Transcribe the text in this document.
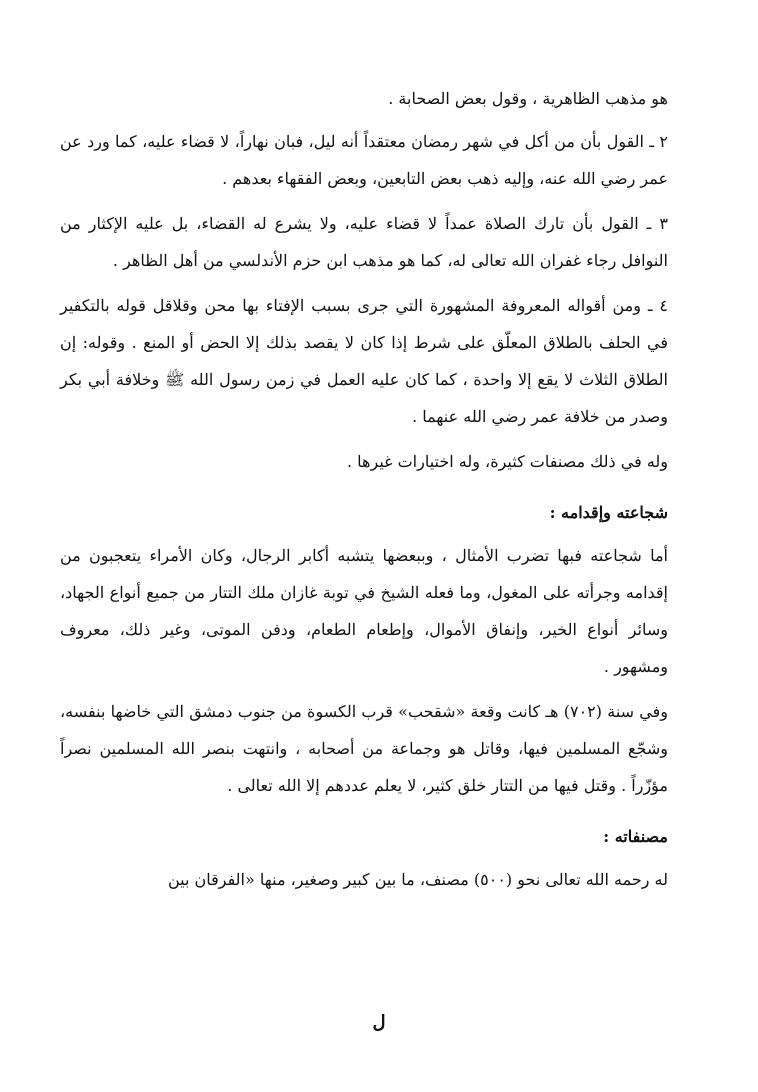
هو مذهب الظاهرية ، وقول بعض الصحابة .

٢ ـ القول بأن من أكل في شهر رمضان معتقداً أنه ليل، فبان نهاراً، لا قضاء عليه، كما ورد عن عمر رضي الله عنه، وإليه ذهب بعض التابعين، وبعض الفقهاء بعدهم .

٣ ـ القول بأن تارك الصلاة عمداً لا قضاء عليه، ولا يشرع له القضاء، بل عليه الإكثار من النوافل رجاء غفران الله تعالى له، كما هو مذهب ابن حزم الأندلسي من أهل الظاهر .

٤ ـ ومن أقواله المعروفة المشهورة التي جرى بسبب الإفتاء بها محن وقلاقل قوله بالتكفير في الحلف بالطلاق المعلّق على شرط إذا كان لا يقصد بذلك إلا الحض أو المنع . وقوله: إن الطلاق الثلاث لا يقع إلا واحدة ، كما كان عليه العمل في زمن رسول الله ﷺ وخلافة أبي بكر وصدر من خلافة عمر رضي الله عنهما .

وله في ذلك مصنفات كثيرة، وله اختيارات غيرها .

شجاعته وإقدامه :

أما شجاعته فبها تضرب الأمثال ، وببعضها يتشبه أكابر الرجال، وكان الأمراء يتعجبون من إقدامه وجرأته على المغول، وما فعله الشيخ في توبة غازان ملك التتار من جميع أنواع الجهاد، وسائر أنواع الخير، وإنفاق الأموال، وإطعام الطعام، ودفن الموتى، وغير ذلك، معروف ومشهور .

وفي سنة (٧٠٢) هـ كانت وقعة «شقحب» قرب الكسوة من جنوب دمشق التي خاضها بنفسه، وشجّع المسلمين فيها، وقاتل هو وجماعة من أصحابه ، وانتهت بنصر الله المسلمين نصراً مؤزّراً . وقتل فيها من التتار خلق كثير، لا يعلم عددهم إلا الله تعالى .

مصنفاته :

له رحمه الله تعالى نحو (٥٠٠) مصنف، ما بين كبير وصغير، منها «الفرقان بين

ل
